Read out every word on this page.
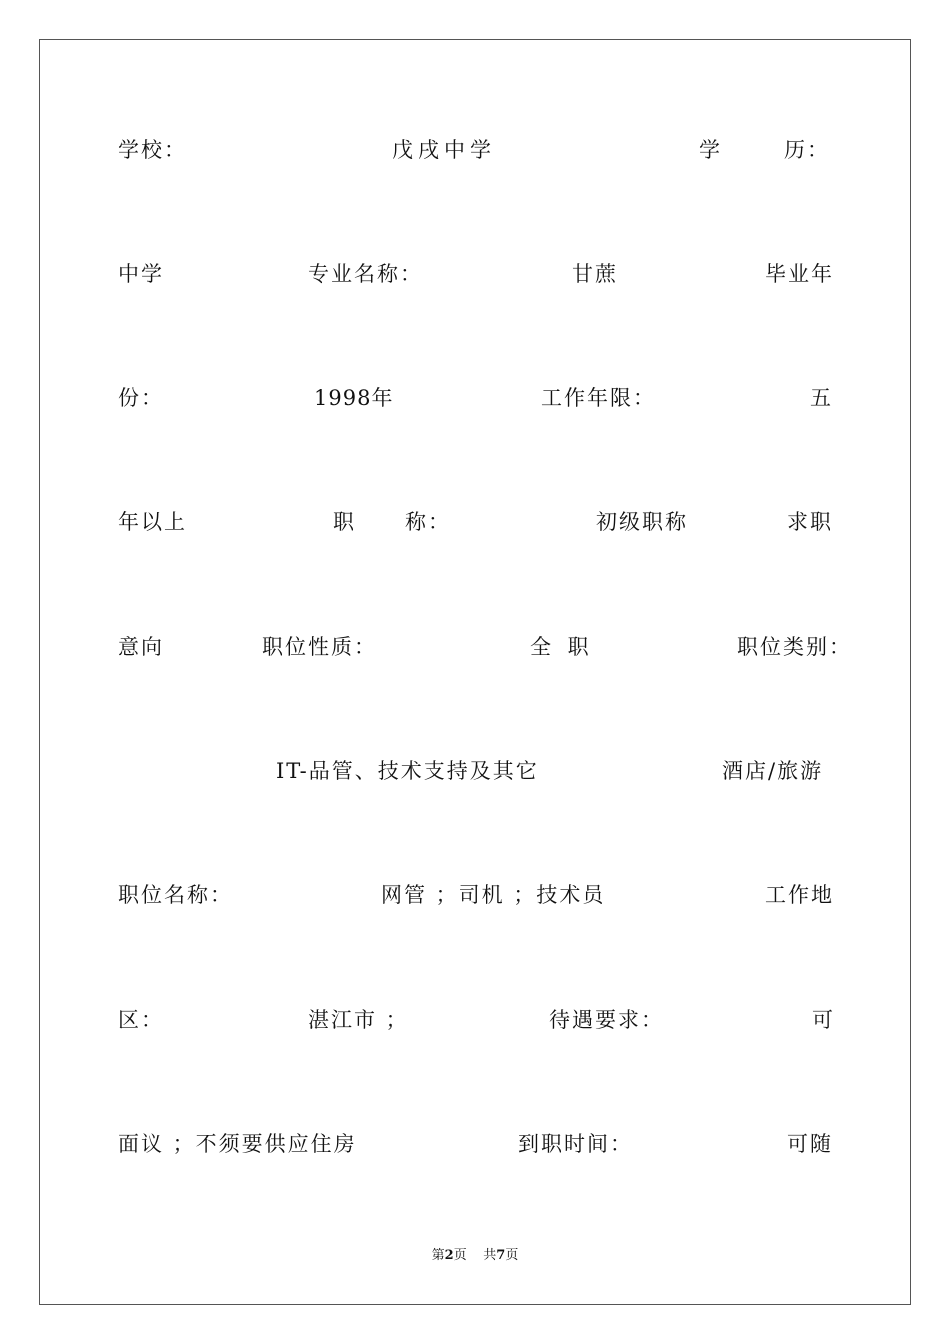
学校：	戊戌中学	学	历：
中学	专业名称：	甘蔗	毕业年
份：	1998年	工作年限：	五
年以上	职 称：	初级职称	求职
意向	职位性质：	全 职	职位类别：
IT-品管、技术支持及其它	酒店/旅游
职位名称：	网管 ；司机 ；技术员	工作地
区：	湛江市 ；	待遇要求：	可
面议 ；不须要供应住房	到职时间：	可随
第2页 共7页
